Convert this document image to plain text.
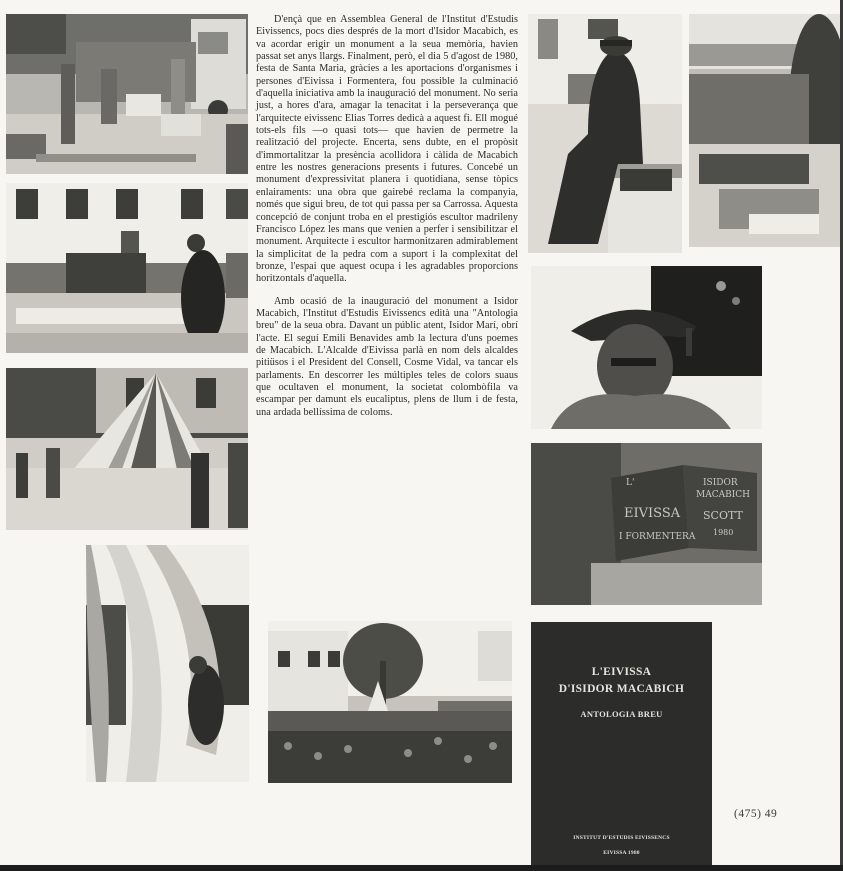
L'
EIVISSA
I FORMENTERA
ISIDOR
MACABICH
SCOTT
1980

D'ençà que en Assemblea General de l'Institut d'Estudis Eivissencs, pocs dies després de la mort d'Isidor Macabich, es va acordar erigir un monument a la seua memòria, havien passat set anys llargs. Finalment, però, el dia 5 d'agost de 1980, festa de Santa Maria, gràcies a les aportacions d'organismes i persones d'Eivissa i Formentera, fou possible la culminació d'aquella iniciativa amb la inauguració del monument. No seria just, a hores d'ara, amagar la tenacitat i la perseverança que l'arquitecte eivissenc Elias Torres dedicà a aquest fi. Ell mogué tots-els fils —o quasi tots— que havien de permetre la realització del projecte. Encerta, sens dubte, en el propòsit d'immortalitzar la presència acollidora i càlida de Macabich entre les nostres generacions presents i futures. Concebé un monument d'expressivitat planera i quotidiana, sense tòpics enlairaments: una obra que gairebé reclama la companyia, només que sigui breu, de tot qui passa per sa Carrossa. Aquesta concepció de conjunt troba en el prestigiós escultor madrileny Francisco López les mans que venien a perfer i sensibilitzar el monument. Arquitecte i escultor harmonitzaren admirablement la simplicitat de la pedra com a suport i la complexitat del bronze, l'espai que aquest ocupa i les agradables proporcions horitzontals d'aquella.

Amb ocasió de la inauguració del monument a Isidor Macabich, l'Institut d'Estudis Eivissencs edità una "Antologia breu" de la seua obra. Davant un públic atent, Isidor Marí, obrí l'acte. El seguí Emili Benavides amb la lectura d'uns poemes de Macabich. L'Alcalde d'Eivissa parlà en nom dels alcaldes pitiüsos i el President del Consell, Cosme Vidal, va tancar els parlaments. En descorrer les múltiples teles de colors suaus que ocultaven el monument, la societat colombòfila va escampar per damunt els eucaliptus, plens de llum i de festa, una ardada bellíssima de coloms.

L'EIVISSA
D'ISIDOR MACABICH
ANTOLOGIA BREU
INSTITUT D'ESTUDIS EIVISSENCS
EIVISSA 1980
(475) 49
